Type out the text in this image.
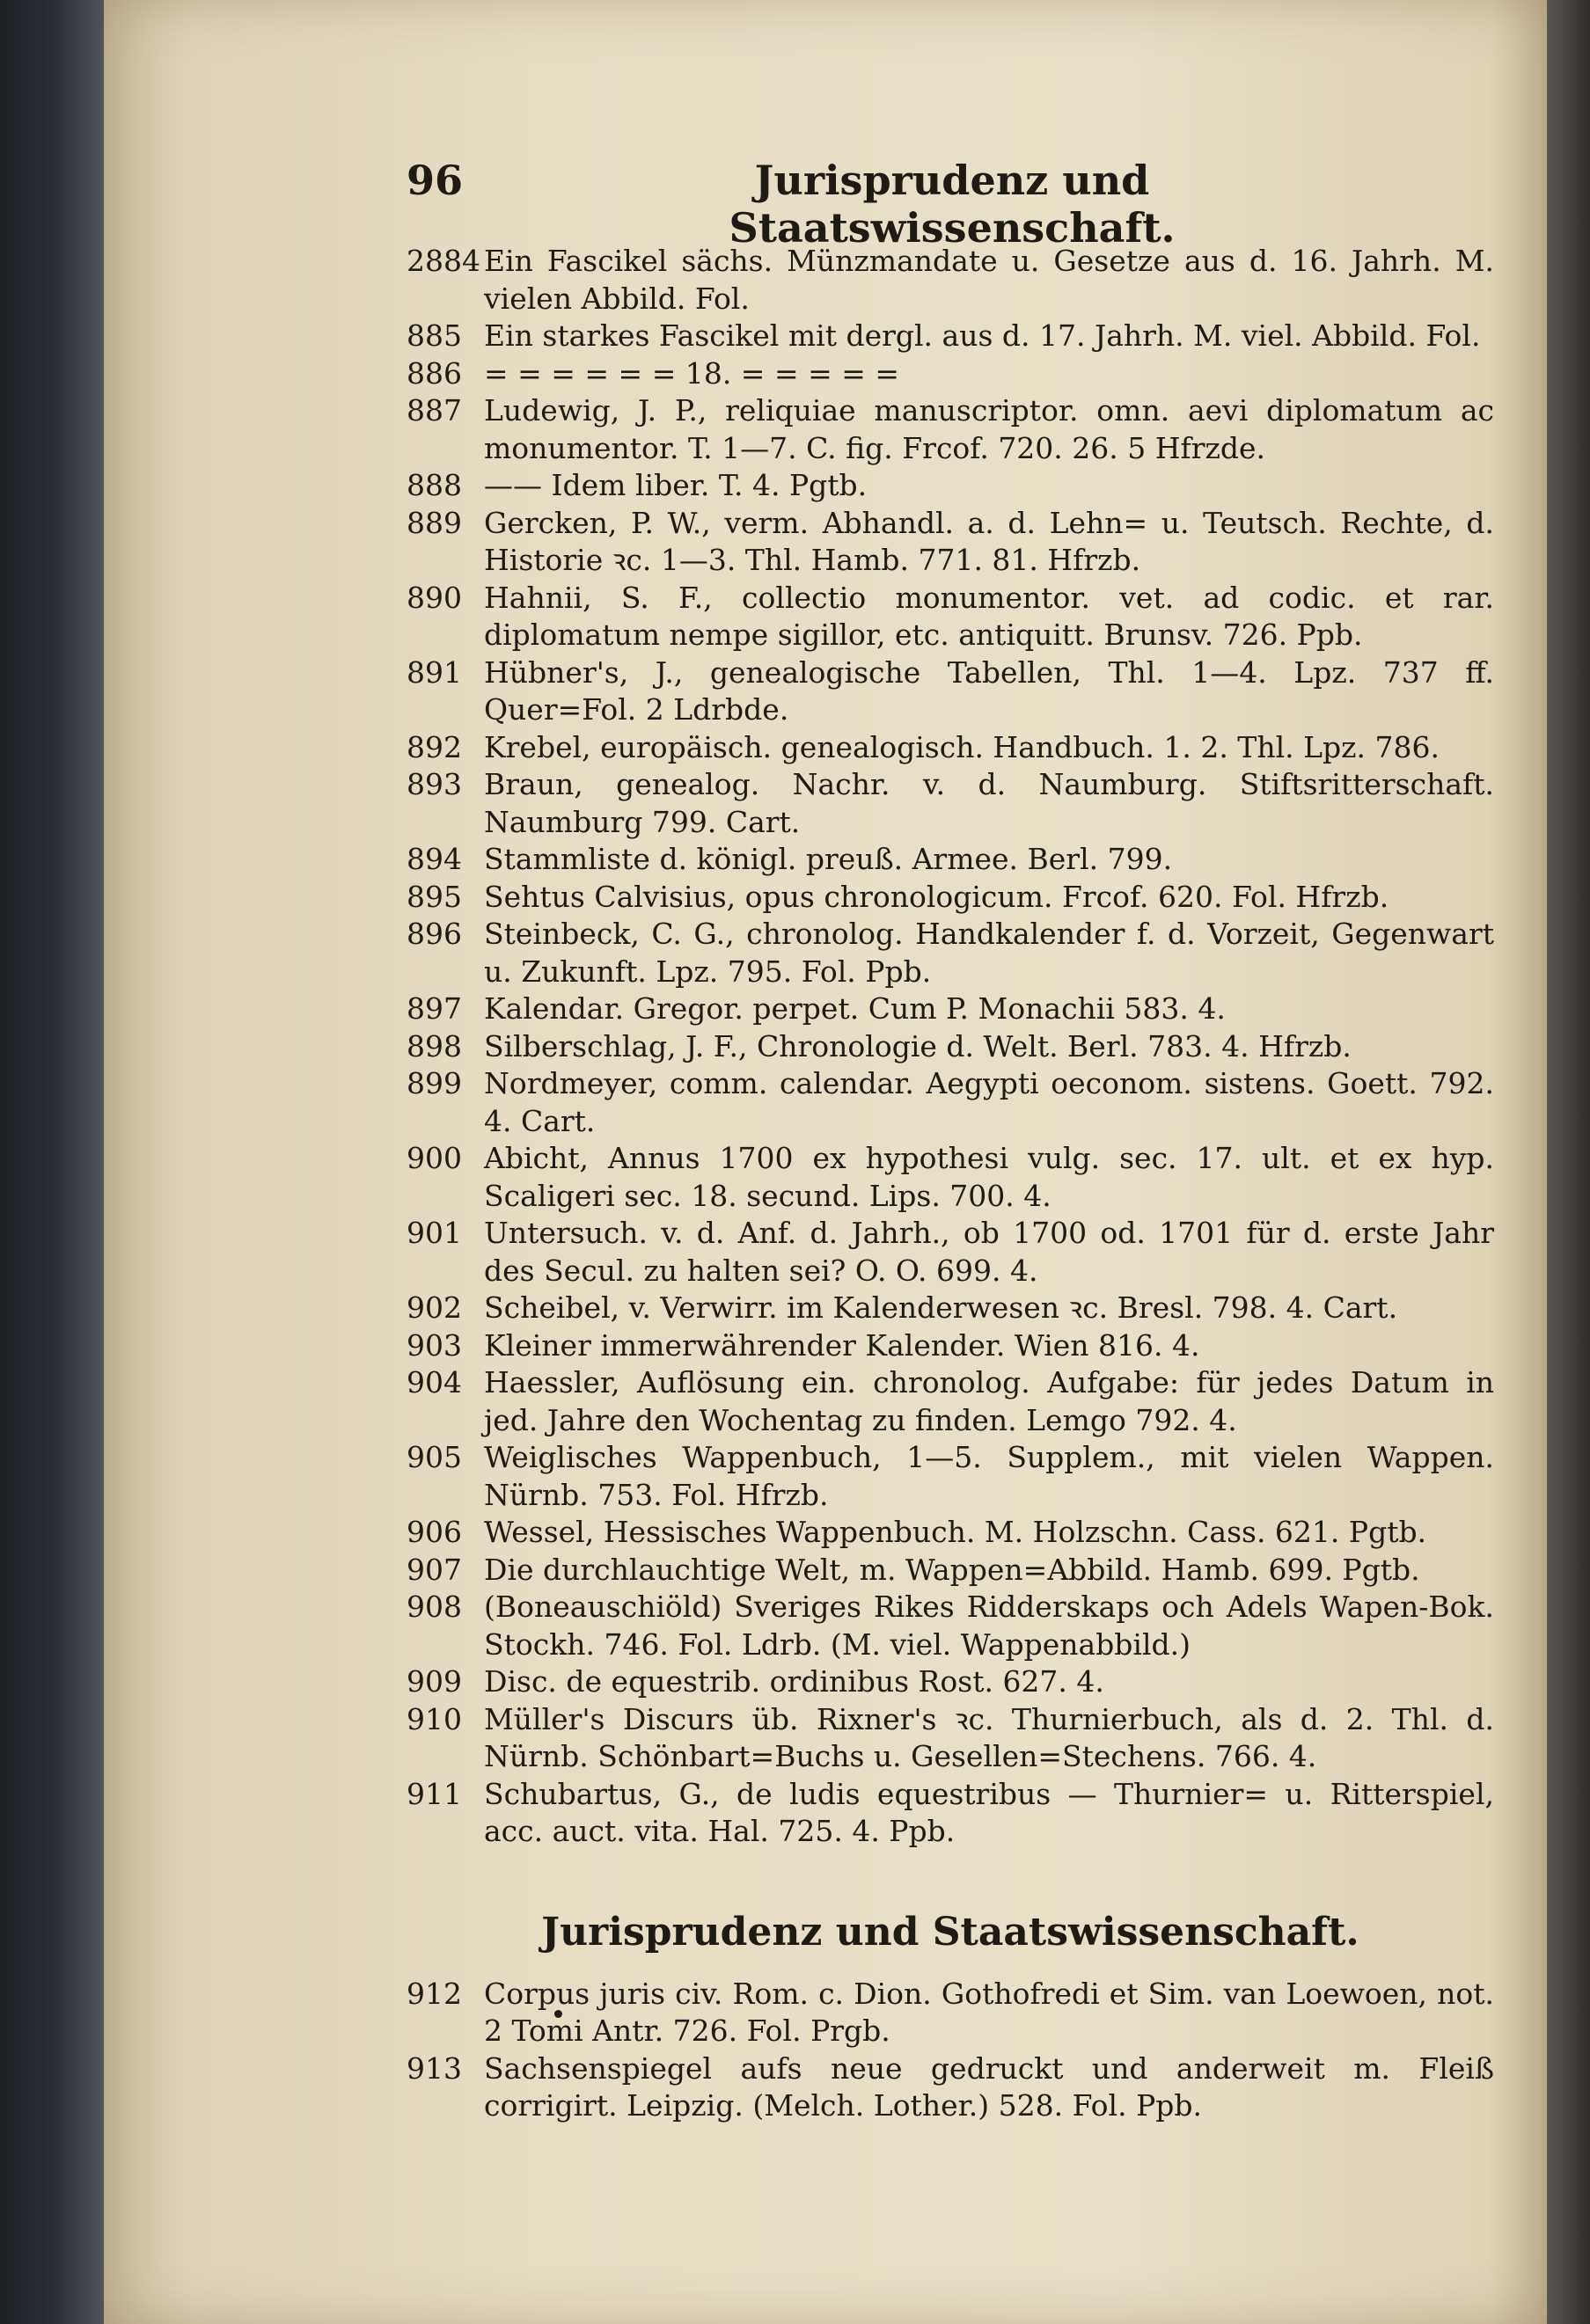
96	Jurisprudenz und Staatswissenschaft.
2884 Ein Fascikel sächs. Münzmandate u. Gesetze aus d. 16. Jahrh. M. vielen Abbild. Fol.
885 Ein starkes Fascikel mit dergl. aus d. 17. Jahrh. M. viel. Abbild. Fol.
886 = = = = = = 18. = = = = =
887 Ludewig, J. P., reliquiae manuscriptor. omn. aevi diplomatum ac monumentor. T. 1—7. C. fig. Frcof. 720. 26. 5 Hfrzde.
888 —— Idem liber. T. 4. Pgtb.
889 Gercken, P. W., verm. Abhandl. a. d. Lehn= u. Teutsch. Rechte, d. Historie ꝛc. 1—3. Thl. Hamb. 771. 81. Hfrzb.
890 Hahnii, S. F., collectio monumentor. vet. ad codic. et rar. diplomatum nempe sigillor, etc. antiquitt. Brunsv. 726. Ppb.
891 Hübner's, J., genealogische Tabellen, Thl. 1—4. Lpz. 737 ff. Quer=Fol. 2 Ldrbde.
892 Krebel, europäisch. genealogisch. Handbuch. 1. 2. Thl. Lpz. 786.
893 Braun, genealog. Nachr. v. d. Naumburg. Stiftsritterschaft. Naumburg 799. Cart.
894 Stammliste d. königl. preuß. Armee. Berl. 799.
895 Sehtus Calvisius, opus chronologicum. Frcof. 620. Fol. Hfrzb.
896 Steinbeck, C. G., chronolog. Handkalender f. d. Vorzeit, Gegenwart u. Zukunft. Lpz. 795. Fol. Ppb.
897 Kalendar. Gregor. perpet. Cum P. Monachii 583. 4.
898 Silberschlag, J. F., Chronologie d. Welt. Berl. 783. 4. Hfrzb.
899 Nordmeyer, comm. calendar. Aegypti oeconom. sistens. Goett. 792. 4. Cart.
900 Abicht, Annus 1700 ex hypothesi vulg. sec. 17. ult. et ex hyp. Scaligeri sec. 18. secund. Lips. 700. 4.
901 Untersuch. v. d. Anf. d. Jahrh., ob 1700 od. 1701 für d. erste Jahr des Secul. zu halten sei? O. O. 699. 4.
902 Scheibel, v. Verwirr. im Kalenderwesen ꝛc. Bresl. 798. 4. Cart.
903 Kleiner immerwährender Kalender. Wien 816. 4.
904 Haessler, Auflösung ein. chronolog. Aufgabe: für jedes Datum in jed. Jahre den Wochentag zu finden. Lemgo 792. 4.
905 Weiglisches Wappenbuch, 1—5. Supplem., mit vielen Wappen. Nürnb. 753. Fol. Hfrzb.
906 Wessel, Hessisches Wappenbuch. M. Holzschn. Cass. 621. Pgtb.
907 Die durchlauchtige Welt, m. Wappen=Abbild. Hamb. 699. Pgtb.
908 (Boneauschiöld) Sveriges Rikes Ridderskaps och Adels Wapen-Bok. Stockh. 746. Fol. Ldrb. (M. viel. Wappenabbild.)
909 Disc. de equestrib. ordinibus Rost. 627. 4.
910 Müller's Discurs üb. Rixner's ꝛc. Thurnierbuch, als d. 2. Thl. d. Nürnb. Schönbart=Buchs u. Gesellen=Stechens. 766. 4.
911 Schubartus, G., de ludis equestribus — Thurnier= u. Ritterspiel, acc. auct. vita. Hal. 725. 4. Ppb.
Jurisprudenz und Staatswissenschaft.
912 Corpus juris civ. Rom. c. Dion. Gothofredi et Sim. van Loewoen, not. 2 Tomi Antr. 726. Fol. Prgb.
913 Sachsenspiegel aufs neue gedruckt und anderweit m. Fleiß corrigirt. Leipzig. (Melch. Lother.) 528. Fol. Ppb.
